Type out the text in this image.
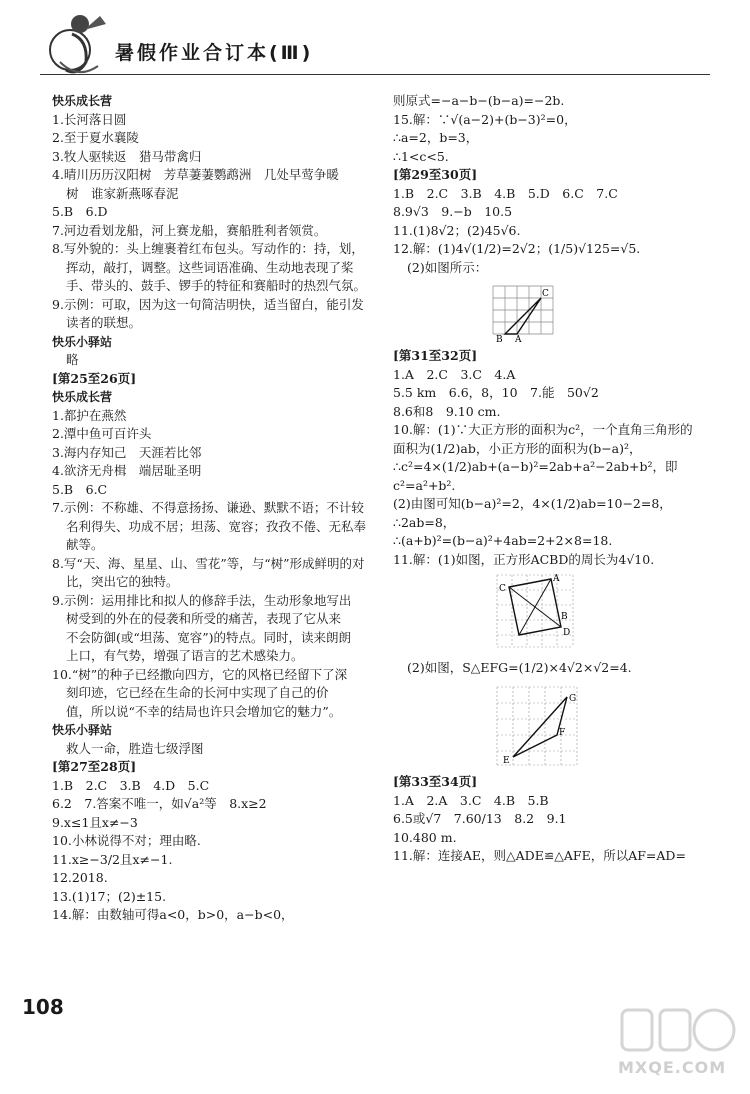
暑假作业合订本(Ⅲ)
快乐成长营
1.长河落日圆
2.至于夏水襄陵
3.牧人驱犊返　猎马带禽归
4.晴川历历汉阳树　芳草萋萋鹦鹉洲　几处早莺争暖
树　谁家新燕啄春泥
5.B　6.D
7.河边看划龙船，河上赛龙船，赛船胜利者领赏。
8.写外貌的：头上缠裹着红布包头。写动作的：持，划，
挥动，敲打，调整。这些词语准确、生动地表现了桨
手、带头的、鼓手、锣手的特征和赛船时的热烈气氛。
9.示例：可取，因为这一句简洁明快，适当留白，能引发
读者的联想。
快乐小驿站
略
[第25至26页]
快乐成长营
1.都护在燕然
2.潭中鱼可百许头
3.海内存知己　天涯若比邻
4.欲济无舟楫　端居耻圣明
5.B　6.C
7.示例：不称雄、不得意扬扬、谦逊、默默不语；不计较
名利得失、功成不居；坦荡、宽容；孜孜不倦、无私奉
献等。
8.写“天、海、星星、山、雪花”等，与“树”形成鲜明的对
比，突出它的独特。
9.示例：运用排比和拟人的修辞手法，生动形象地写出
树受到的外在的侵袭和所受的痛苦，表现了它从来
不会防御(或“坦荡、宽容”)的特点。同时，读来朗朗
上口，有气势，增强了语言的艺术感染力。
10.“树”的种子已经撒向四方，它的风格已经留下了深
刻印迹，它已经在生命的长河中实现了自己的价
值，所以说“不幸的结局也许只会增加它的魅力”。
快乐小驿站
救人一命，胜造七级浮图
[第27至28页]
1.B　2.C　3.B　4.D　5.C
6.2　7.答案不唯一，如√a²等　8.x≥2
9.x≤1且x≠−3
10.小林说得不对；理由略.
11.x≥−3/2且x≠−1.
12.2018.
13.(1)17；(2)±15.
14.解：由数轴可得a<0，b>0，a−b<0，
则原式=−a−b−(b−a)=−2b.
15.解：∵√(a−2)+(b−3)²=0，
∴a=2，b=3，
∴1<c<5.
[第29至30页]
1.B　2.C　3.B　4.B　5.D　6.C　7.C
8.9√3　9.−b　10.5
11.(1)8√2；(2)45√6.
12.解：(1)4√(1/2)=2√2；(1/5)√125=√5.
(2)如图所示：
B A
C
[第31至32页]
1.A　2.C　3.C　4.A
5.5 km　6.6，8，10　7.能　50√2
8.6和8　9.10 cm.
10.解：(1)∵大正方形的面积为c²，一个直角三角形的
面积为(1/2)ab，小正方形的面积为(b−a)²，
∴c²=4×(1/2)ab+(a−b)²=2ab+a²−2ab+b²，即
c²=a²+b².
(2)由图可知(b−a)²=2，4×(1/2)ab=10−2=8，
∴2ab=8，
∴(a+b)²=(b−a)²+4ab=2+2×8=18.
11.解：(1)如图，正方形ACBD的周长为4√10.
A
C
B
D
(2)如图，S△EFG=(1/2)×4√2×√2=4.
G
F
E
[第33至34页]
1.A　2.A　3.C　4.B　5.B
6.5或√7　7.60/13　8.2　9.1
10.480 m.
11.解：连接AE，则△ADE≌△AFE，所以AF=AD=
108
MXQE.COM
